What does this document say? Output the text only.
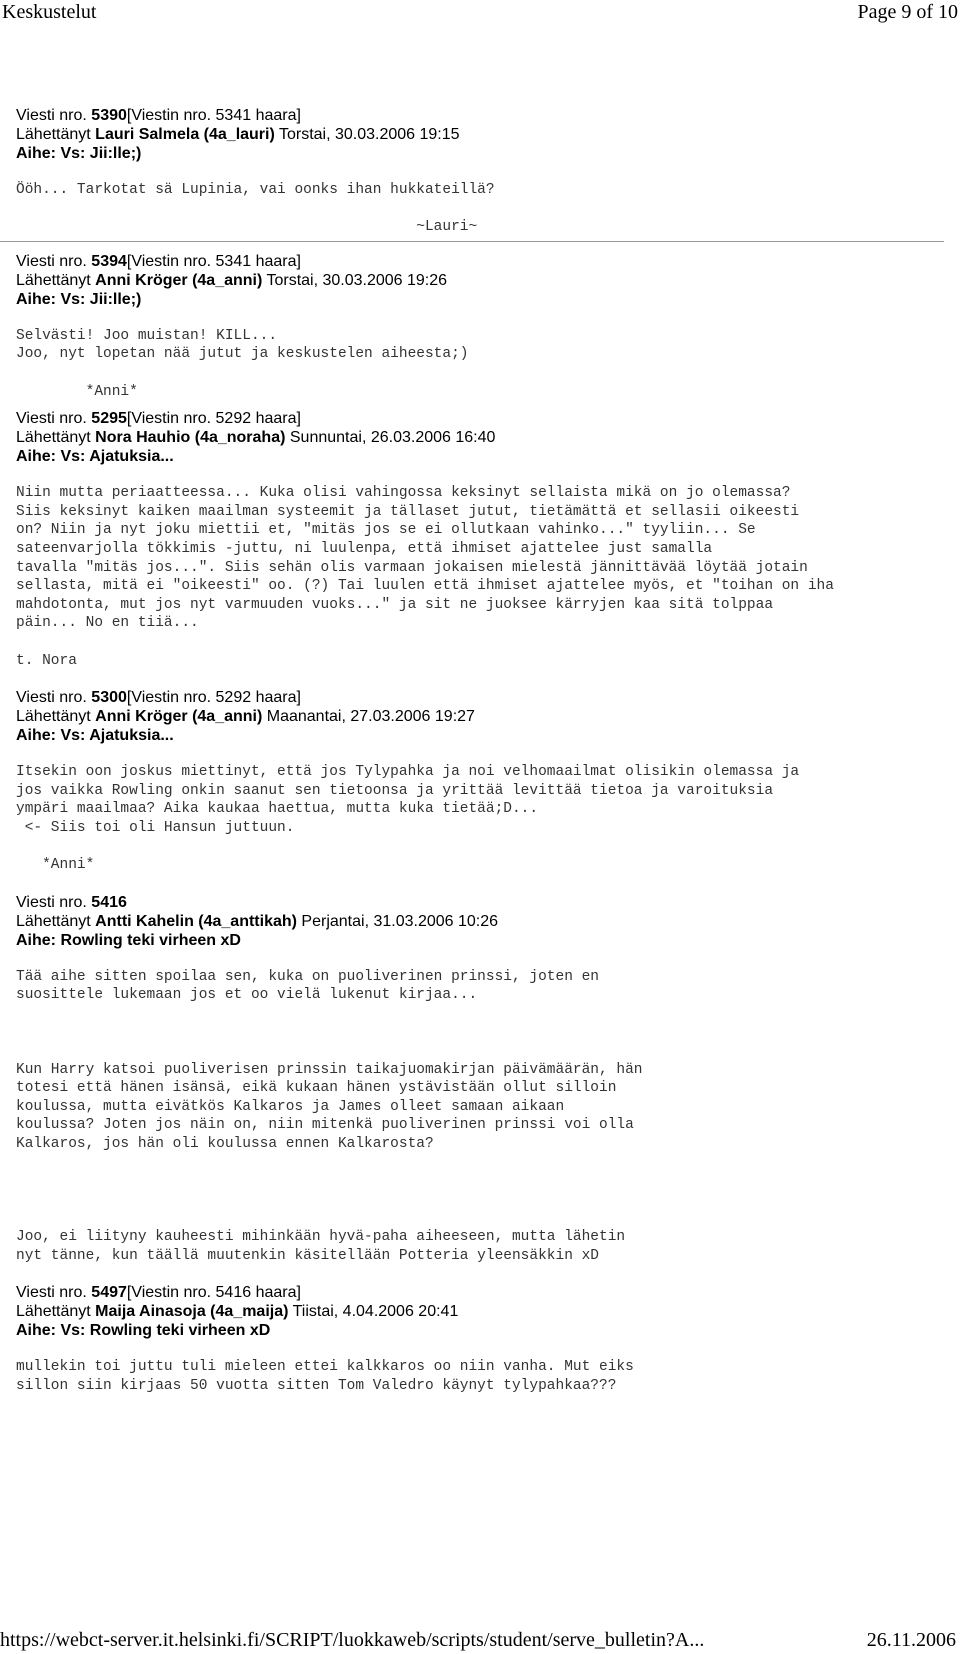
Keskustelut	Page 9 of 10
Viesti nro. 5390[Viestin nro. 5341 haara]
Lähettänyt Lauri Salmela (4a_lauri) Torstai, 30.03.2006 19:15
Aihe: Vs: Jii:lle;)
Ööh... Tarkotat sä Lupinia, vai oonks ihan hukkateillä?

~Lauri~
Viesti nro. 5394[Viestin nro. 5341 haara]
Lähettänyt Anni Kröger (4a_anni) Torstai, 30.03.2006 19:26
Aihe: Vs: Jii:lle;)
Selvästi! Joo muistan! KILL...
Joo, nyt lopetan nää jutut ja keskustelen aiheesta;)

*Anni*
Viesti nro. 5295[Viestin nro. 5292 haara]
Lähettänyt Nora Hauhio (4a_noraha) Sunnuntai, 26.03.2006 16:40
Aihe: Vs: Ajatuksia...
Niin mutta periaatteessa... Kuka olisi vahingossa keksinyt sellaista mikä on jo olemassa?
Siis keksinyt kaiken maailman systeemit ja tällaset jutut, tietämättä et sellasii oikeesti
on? Niin ja nyt joku miettii et, "mitäs jos se ei ollutkaan vahinko..." tyyliin... Se
sateenvarjolla tökkimis -juttu, ni luulenpa, että ihmiset ajattelee just samalla
tavalla "mitäs jos...". Siis sehän olis varmaan jokaisen mielestä jännittävää löytää jotain
sellasta, mitä ei "oikeesti" oo. (?) Tai luulen että ihmiset ajattelee myös, et "toihan on iha
mahdotonta, mut jos nyt varmuuden vuoks..." ja sit ne juoksee kärryjen kaa sitä tolppaa
päin... No en tiiä...

t. Nora
Viesti nro. 5300[Viestin nro. 5292 haara]
Lähettänyt Anni Kröger (4a_anni) Maanantai, 27.03.2006 19:27
Aihe: Vs: Ajatuksia...
Itsekin oon joskus miettinyt, että jos Tylypahka ja noi velhomaailmat olisikin olemassa ja
jos vaikka Rowling onkin saanut sen tietoonsa ja yrittää levittää tietoa ja varoituksia
ympäri maailmaa? Aika kaukaa haettua, mutta kuka tietää;D...
<- Siis toi oli Hansun juttuun.

*Anni*
Viesti nro. 5416
Lähettänyt Antti Kahelin (4a_anttikah) Perjantai, 31.03.2006 10:26
Aihe: Rowling teki virheen xD
Tää aihe sitten spoilaa sen, kuka on puoliverinen prinssi, joten en
suosittele lukemaan jos et oo vielä lukenut kirjaa...

Kun Harry katsoi puoliverisen prinssin taikajuomakirjan päivämäärän, hän
totesi että hänen isänsä, eikä kukaan hänen ystävistään ollut silloin
koulussa, mutta eivätkös Kalkaros ja James olleet samaan aikaan
koulussa? Joten jos näin on, niin mitenkä puoliverinen prinssi voi olla
Kalkaros, jos hän oli koulussa ennen Kalkarosta?

Joo, ei liityny kauheesti mihinkään hyvä-paha aiheeseen, mutta lähetin
nyt tänne, kun täällä muutenkin käsitellään Potteria yleensäkkin xD
Viesti nro. 5497[Viestin nro. 5416 haara]
Lähettänyt Maija Ainasoja (4a_maija) Tiistai, 4.04.2006 20:41
Aihe: Vs: Rowling teki virheen xD
mullekin toi juttu tuli mieleen ettei kalkkaros oo niin vanha. Mut eiks
sillon siin kirjaas 50 vuotta sitten Tom Valedro käynyt tylypahkaa???
https://webct-server.it.helsinki.fi/SCRIPT/luokkaweb/scripts/student/serve_bulletin?A...	26.11.2006
